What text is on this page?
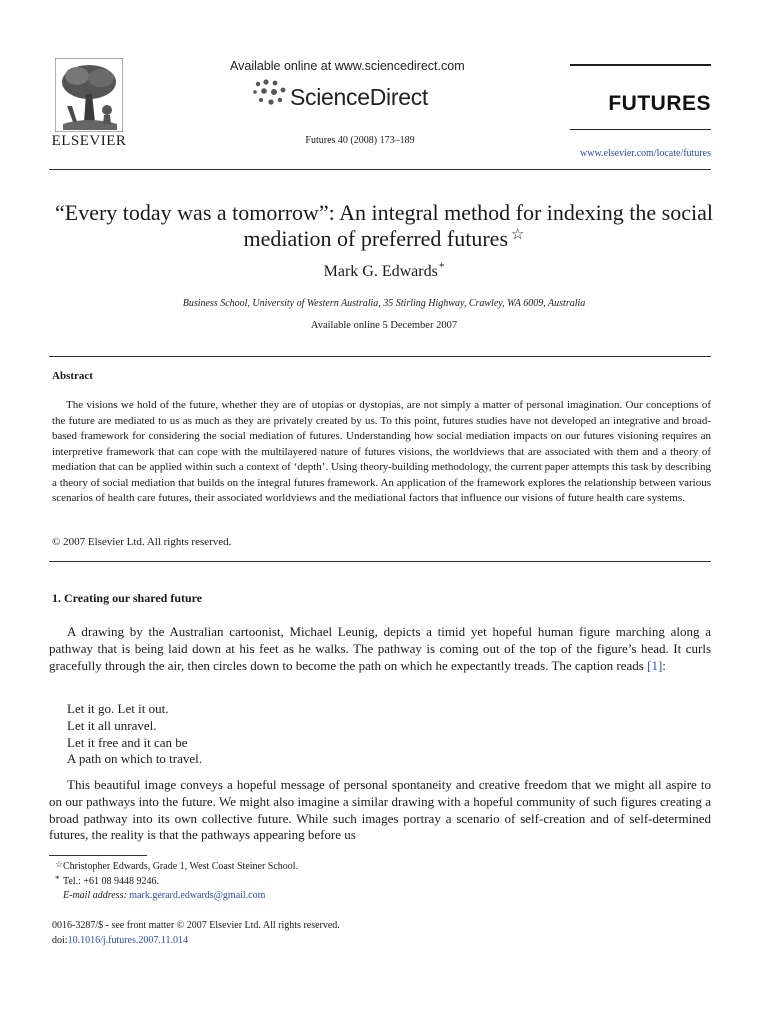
ELSEVIER
Available online at www.sciencedirect.com
ScienceDirect
Futures 40 (2008) 173–189
FUTURES
www.elsevier.com/locate/futures
“Every today was a tomorrow”: An integral method for indexing the social mediation of preferred futures ☆
Mark G. Edwards*
Business School, University of Western Australia, 35 Stirling Highway, Crawley, WA 6009, Australia
Available online 5 December 2007
Abstract

The visions we hold of the future, whether they are of utopias or dystopias, are not simply a matter of personal imagination. Our conceptions of the future are mediated to us as much as they are privately created by us. To this point, futures studies have not developed an integrative and broad-based framework for considering the social mediation of futures. Understanding how social mediation impacts on our futures visioning requires an interpretive framework that can cope with the multilayered nature of futures visions, the worldviews that are associated with them and a theory of mediation that can be applied within such a context of ‘depth’. Using theory-building methodology, the current paper attempts this task by describing a theory of social mediation that builds on the integral futures framework. An application of the framework explores the relationship between various scenarios of health care futures, their associated worldviews and the mediational factors that influence our visions of future health care systems.

© 2007 Elsevier Ltd. All rights reserved.
1. Creating our shared future

A drawing by the Australian cartoonist, Michael Leunig, depicts a timid yet hopeful human figure marching along a pathway that is being laid down at his feet as he walks. The pathway is coming out of the top of the figure’s head. It curls gracefully through the air, then circles down to become the path on which he expectantly treads. The caption reads [1]:

Let it go. Let it out.
Let it all unravel.
Let it free and it can be
A path on which to travel.

This beautiful image conveys a hopeful message of personal spontaneity and creative freedom that we might all aspire to on our pathways into the future. We might also imagine a similar drawing with a hopeful community of such figures creating a broad pathway into its own collective future. While such images portray a scenario of self-creation and of self-determined futures, the reality is that the pathways appearing before us

☆ Christopher Edwards, Grade 1, West Coast Steiner School.
* Tel.: +61 08 9448 9246.
E-mail address: mark.gerard.edwards@gmail.com
0016-3287/$ - see front matter © 2007 Elsevier Ltd. All rights reserved.
doi:10.1016/j.futures.2007.11.014
